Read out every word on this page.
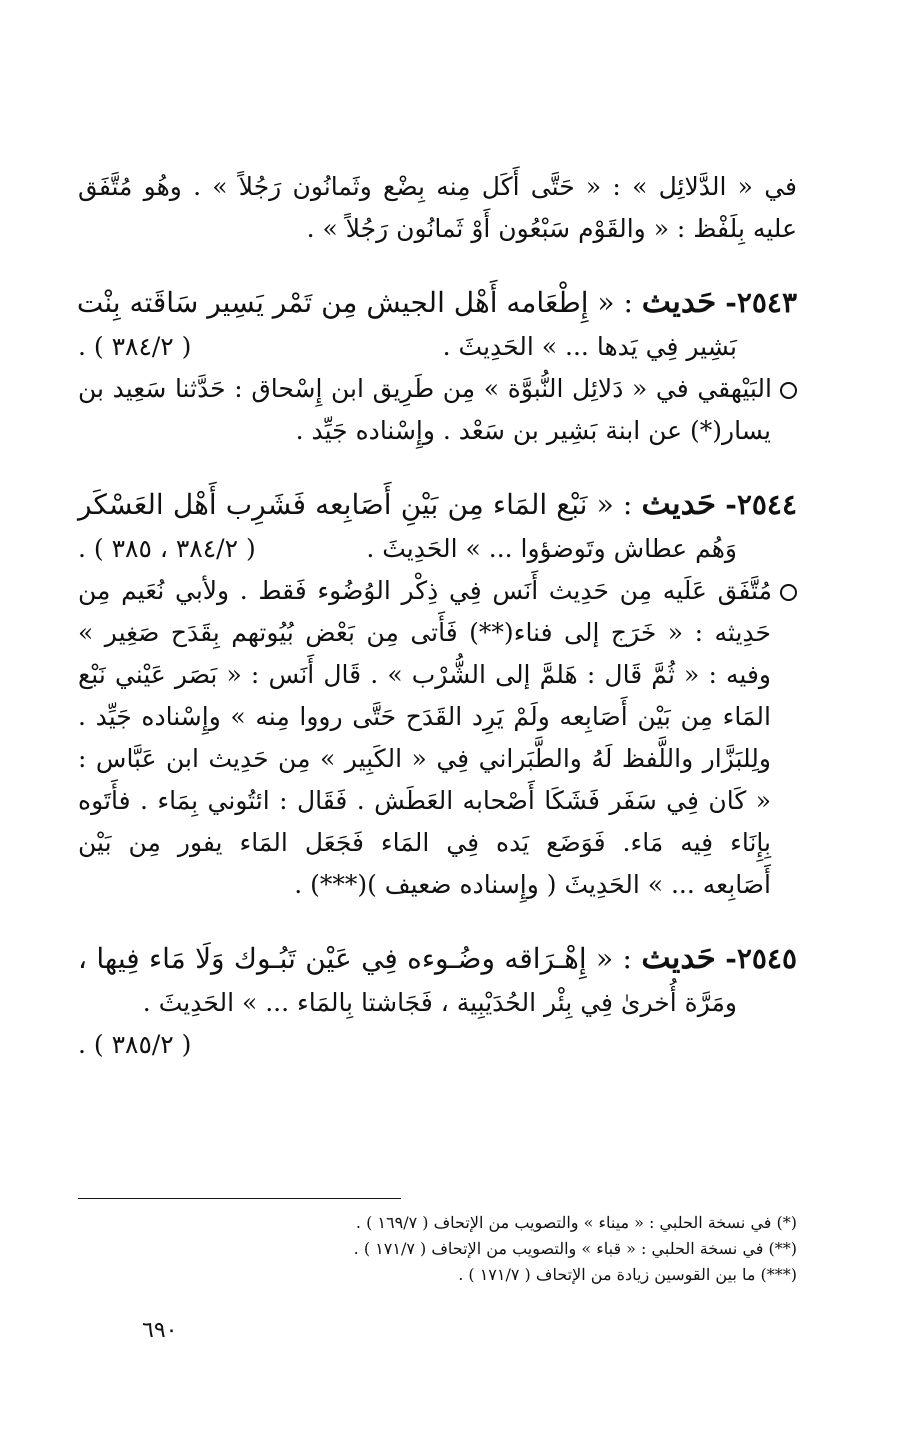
في « الدَّلائِل » : « حَتَّى أَكَل مِنه بِضْع وثَمانُون رَجُلاً » . وهُو مُتَّفَق
عليه بِلَفْظ : « والقَوْم سَبْعُون أَوْ ثَمانُون رَجُلاً » .
٢٥٤٣- حَديث : « إِطْعَامه أَهْل الجيش مِن تَمْر يَسِير سَاقَته بِنْت
بَشِير فِي يَدها ... » الحَدِيثَ .
( ٣٨٤/٢ ) .
البَيْهقي في « دَلائِل النُّبوَّة » مِن طَرِيق ابن إِسْحاق : حَدَّثنا سَعِيد بن
يسار(*) عن ابنة بَشِير بن سَعْد . وإِسْناده جَيِّد .
٢٥٤٤- حَديث : « نَبْع المَاء مِن بَيْنِ أَصَابِعه فَشَرِب أَهْل العَسْكَر
وَهُم عطاش وتَوضؤوا ... » الحَدِيثَ .
( ٣٨٤/٢ ، ٣٨٥ ) .
مُتَّفَق عَلَيه مِن حَدِيث أَنَس فِي ذِكْر الوُضُوء فَقط . ولأبي نُعَيم مِن
حَدِيثه : « خَرَج إلى فناء(**) فَأَتى مِن بَعْض بُيُوتهم بِقَدَح صَغِير »
وفيه : « ثُمَّ قَال : هَلمَّ إلى الشُّرْب » . قَال أَنَس : « بَصَر عَيْني نَبْع
المَاء مِن بَيْن أَصَابِعه ولَمْ يَرِد القَدَح حَتَّى رووا مِنه » وإِسْناده جَيِّد .
ولِلبَزَّار واللَّفظ لَهُ والطَّبَراني فِي « الكَبِير » مِن حَدِيث ابن عَبَّاس :
« كَان فِي سَفَر فَشَكَا أَصْحابه العَطَش . فَقَال : ائتُوني بِمَاء . فأَتَوه
بِإِنَاء فِيه مَاء. فَوَضَع يَده فِي المَاء فَجَعَل المَاء يفور مِن بَيْن
أَصَابِعه ... » الحَدِيثَ ( وإِسناده ضعيف )(***) .
٢٥٤٥- حَديث : « إِهْـرَاقه وضُـوءه فِي عَيْن تَبُـوك وَلَا مَاء فِيها ،
ومَرَّة أُخرىٰ فِي بِئْر الحُدَيْبِية ، فَجَاشتا بِالمَاء ... » الحَدِيثَ .
( ٣٨٥/٢ ) .
(*) في نسخة الحلبي : « ميناء » والتصويب من الإتحاف ( ١٦٩/٧ ) .
(**) في نسخة الحلبي : « قباء » والتصويب من الإتحاف ( ١٧١/٧ ) .
(***) ما بين القوسين زيادة من الإتحاف ( ١٧١/٧ ) .
٦٩٠
